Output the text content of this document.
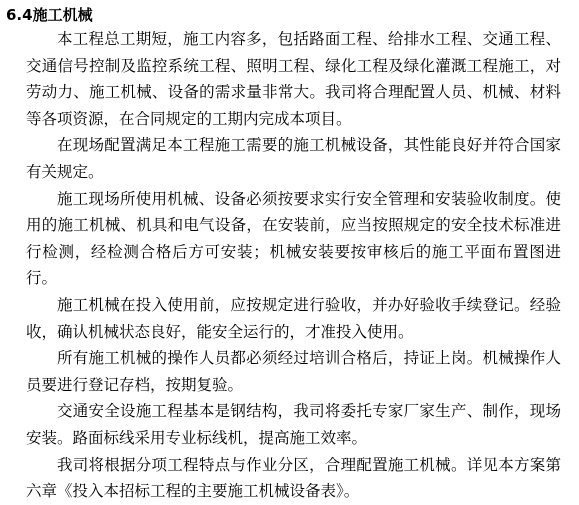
6.4施工机械

本工程总工期短，施工内容多，包括路面工程、给排水工程、交通工程、交通信号控制及监控系统工程、照明工程、绿化工程及绿化灌溉工程施工，对劳动力、施工机械、设备的需求量非常大。我司将合理配置人员、机械、材料等各项资源，在合同规定的工期内完成本项目。

在现场配置满足本工程施工需要的施工机械设备，其性能良好并符合国家有关规定。

施工现场所使用机械、设备必须按要求实行安全管理和安装验收制度。使用的施工机械、机具和电气设备，在安装前，应当按照规定的安全技术标准进行检测，经检测合格后方可安装；机械安装要按审核后的施工平面布置图进行。

施工机械在投入使用前，应按规定进行验收，并办好验收手续登记。经验收，确认机械状态良好，能安全运行的，才准投入使用。

所有施工机械的操作人员都必须经过培训合格后，持证上岗。机械操作人员要进行登记存档，按期复验。

交通安全设施工程基本是钢结构，我司将委托专家厂家生产、制作，现场安装。路面标线采用专业标线机，提高施工效率。

我司将根据分项工程特点与作业分区，合理配置施工机械。详见本方案第六章《投入本招标工程的主要施工机械设备表》。
